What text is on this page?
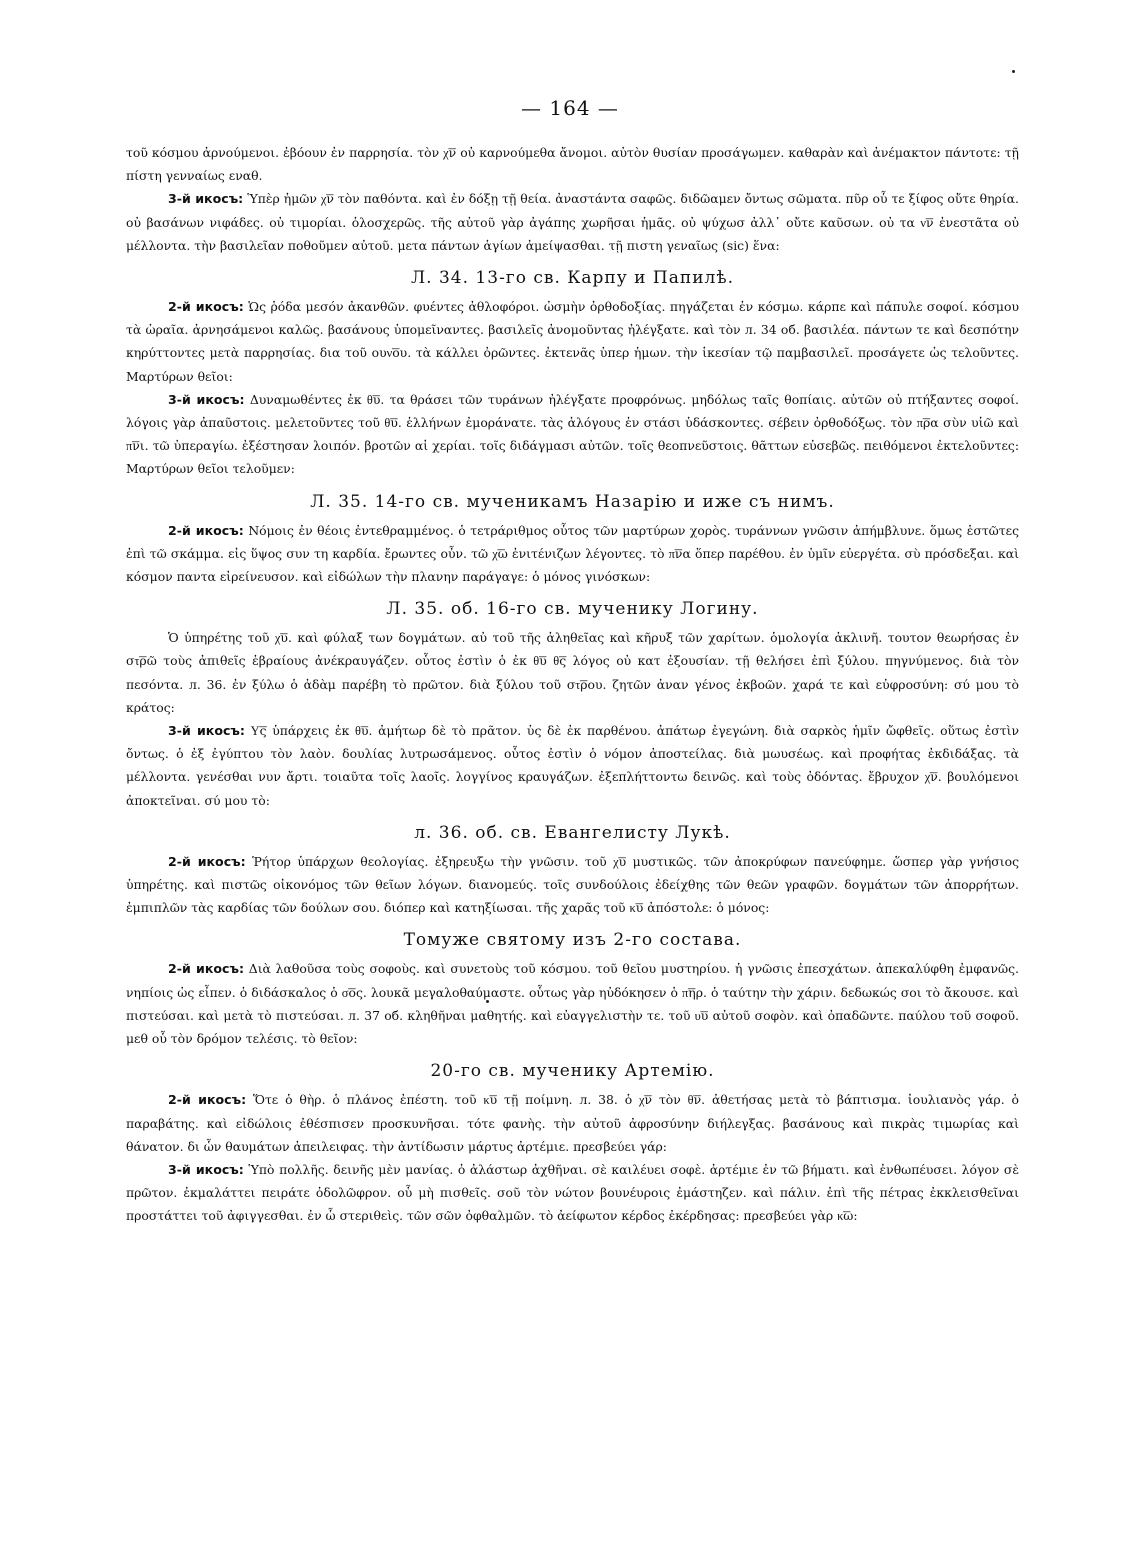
— 164 —

τοῦ κόσμου ἀρνούμενοι. ἐβόουν ἐν παρρησία. τὸν χ͞ν οὐ καρνούμεθα ἄνομοι. αὐτὸν θυσίαν προσάγωμεν. καθαρὰν καὶ ἀνέμακτον πάντοτε: τῇ πίστη γενναίως εναθ.

3-й икосъ: Ὑπὲρ ἡμῶν χ͞ν τὸν παθόντα. καὶ ἐν δόξῃ τῇ θεία. ἀναστάντα σαφῶς. διδῶαμεν ὄντως σῶματα. πῦρ οὗ τε ξίφος οὔτε θηρία. οὐ βασάνων νιφάδες. οὐ τιμορίαι. ὁλοσχερῶς. τῆς αὐτοῦ γὰρ ἀγάπης χωρῆσαι ἡμᾶς. οὐ ψύχωσ ἀλλ᾽ οὔτε καῦσων. οὐ τα ν͞ν ἐνεστᾶτα οὐ μέλλοντα. τὴν βασιλεῖαν ποθοῦμεν αὐτοῦ. μετα πάντων ἁγίων ἀμείψασθαι. τῇ πιστη γεναῖως (sic) ἕνα:

Л. 34. 13-го св. Карпу и Папилѣ.

2-й икосъ: Ὡς ῥόδα μεσόν ἀκανθῶν. φυέντες ἀθλοφόροι. ὠσμὴν ὀρθοδοξίας. πηγάζεται ἐν κόσμω. κάρπε καὶ πάπυλε σοφοί. κόσμου τὰ ὡραῖα. ἀρνησάμενοι καλῶς. βασάνους ὑπομεῖναντες. βασιλεῖς ἀνομοῦντας ἠλέγξατε. καὶ τὸν л. 34 об. βασιλέα. πάντων τε καὶ δεσπότην κηρύττοντες μετὰ παρρησίας. δια τοῦ ουν͞ου. τὰ κάλλει ὀρῶντες. ἐκτενᾶς ὑπερ ἡμων. τὴν ἱκεσίαν τῷ παμβασιλεῖ. προσάγετε ὡς τελοῦντες. Μαρτύρων θεῖοι:

3-й икосъ: Δυναμωθέντες ἐκ θ͞υ. τα θράσει τῶν τυράνων ἠλέγξατε προφρόνως. μηδόλως ταῖς θοπίαις. αὐτῶν οὐ πτήξαντες σοφοί. λόγοις γὰρ ἀπαῦστοις. μελετοῦντες τοῦ θ͞υ. ἑλλήνων ἐμοράνατε. τὰς ἀλόγους ἐν στάσι ὑδάσκοντες. σέβειν ὀρθοδόξως. τὸν π͞ρα σὺν υἱῶ καὶ π͞νι. τῶ ὑπεραγίω. ἐξέστησαν λοιπόν. βροτῶν αἱ χερίαι. τοῖς διδάγμασι αὐτῶν. τοῖς θεοπνεῦστοις. θᾶττων εὐσεβῶς. πειθόμενοι ἐκτελοῦντες: Μαρτύρων θεῖοι τελοῦμεν:

Л. 35. 14-го св. мученикамъ Назарію и иже съ нимъ.

2-й икосъ: Νόμοις ἐν θέοις ἐντεθραμμένος. ὁ τετράριθμος οὗτος τῶν μαρτύρων χορὸς. τυράννων γνῶσιν ἀπήμβλυνε. ὅμως ἑστῶτες ἐπὶ τῶ σκάμμα. εἰς ὕψος συν τη καρδία. ἔρωντες οὖν. τῶ χ͞ω ἐνιτένιζων λέγοντες. τὸ π͞να ὅπερ παρέθου. ἐν ὑμῖν εὐεργέτα. σὺ πρόσδεξαι. καὶ κόσμον παντα εἰρείνευσον. καὶ εἰδώλων τὴν πλανην παράγαγε: ὁ μόνος γινόσκων:

Л. 35. об. 16-го св. мученику Логину.

Ὁ ὑπηρέτης τοῦ χ͞υ. καὶ φύλαξ των δογμάτων. αὐ τοῦ τῆς ἀληθεῖας καὶ κῆρυξ τῶν χαρίτων. ὁμολογία ἀκλινῆ. τουτον θεωρήσας ἐν στ͞ρῶ τοὺς ἀπιθεῖς ἑβραίους ἀνέκραυγάζεν. οὗτος ἐστὶν ὁ ἐκ θ͞υ θ͞ς λόγος οὐ κατ ἐξουσίαν. τῇ θελήσει ἐπὶ ξύλου. πηγνύμενος. διὰ τὸν πεσόντα. л. 36. ἐν ξύλω ὁ ἀδὰμ παρέβη τὸ πρῶτον. διὰ ξύλου τοῦ στ͞ρου. ζητῶν ἀναν γένος ἐκβοῶν. χαρά τε καὶ εὐφροσύνη: σύ μου τὸ κράτος:

3-й икосъ: Υ͞ς ὑπάρχεις ἐκ θ͞υ. ἀμήτωρ δὲ τὸ πρᾶτον. ὑς δὲ ἐκ παρθένου. ἀπάτωρ ἐγεγώνη. διὰ σαρκὸς ἡμῖν ὤφθεῖς. οὕτως ἐστὶν ὄντως. ὁ ἐξ ἐγύπτου τὸν λαὸν. δουλίας λυτρωσάμενος. οὗτος ἐστὶν ὁ νόμον ἀποστείλας. διὰ μωυσέως. καὶ προφήτας ἐκδιδάξας. τὰ μέλλοντα. γενέσθαι νυν ἄρτι. τοιαῦτα τοῖς λαοῖς. λογγίνος κραυγάζων. ἐξεπλήττοντω δεινῶς. καὶ τοὺς ὀδόντας. ἔβρυχον χ͞ν. βουλόμενοι ἀποκτεῖναι. σύ μου τὸ:

л. 36. об. св. Евангелисту Лукѣ.

2-й икосъ: Ῥήτορ ὑπάρχων θεολογίας. ἐξηρευξω τὴν γνῶσιν. τοῦ χ͞υ μυστικῶς. τῶν ἀποκρύφων πανεύφημε. ὥσπερ γὰρ γνήσιος ὑπηρέτης. καὶ πιστῶς οἰκονόμος τῶν θεῖων λόγων. διανομεύς. τοῖς συνδούλοις ἐδείχθης τῶν θεῶν γραφῶν. δογμάτων τῶν ἀπορρήτων. ἐμπιπλῶν τὰς καρδίας τῶν δούλων σου. διόπερ καὶ κατηξίωσαι. τῆς χαρᾶς τοῦ κ͞υ ἀπόστολε: ὁ μόνος:

Томуже святому изъ 2-го состава.

2-й икосъ: Διὰ λαθοῦσα τοὺς σοφοὺς. καὶ συνετοὺς τοῦ κόσμου. τοῦ θεῖου μυστηρίου. ἡ γνῶσις ἐπεσχάτων. ἀπεκαλύφθη ἐμφανῶς. νηπίοις ὡς εἶπεν. ὁ διδάσκαλος ὁ σ͞ος. λουκᾶ μεγαλοθαύμαστε. οὗτως γὰρ ηὐδόκησεν ὁ π͞ηρ. ὁ ταύτην τὴν χάριν. δεδωκώς σοι τὸ ἄκουσε. καὶ πιστεύσαι. καὶ μετὰ τὸ πιστεύσαι. л. 37 об. κληθῆναι μαθητής. καὶ εὐαγγελιστὴν τε. τοῦ υ͞υ αὐτοῦ σοφὸν. καὶ ὀπαδῶντε. παύλου τοῦ σοφοῦ. μεθ οὗ τὸν δρόμον τελέσις. τὸ θεῖον:

20-го св. мученику Артемію.

2-й икосъ: Ὅτε ὁ θὴρ. ὁ πλάνος ἐπέστη. τοῦ κ͞υ τῇ ποίμνη. л. 38. ὁ χ͞ν τὸν θ͞ν. ἀθετήσας μετὰ τὸ βάπτισμα. ἰουλιανὸς γάρ. ὁ παραβάτης. καὶ εἰδώλοις ἐθέσπισεν προσκυνῆσαι. τότε φανὴς. τὴν αὐτοῦ ἀφροσύνην διήλεγξας. βασάνους καὶ πικρὰς τιμωρίας καὶ θάνατον. δι ὧν θαυμάτων ἀπειλειφας. τὴν ἀντίδωσιν μάρτυς ἀρτέμιε. πρεσβεύει γάρ:

3-й икосъ: Ὑπὸ πολλῆς. δεινῆς μὲν μανίας. ὁ ἀλάστωρ ἀχθῆναι. σὲ καιλέυει σοφὲ. ἀρτέμιε ἐν τῶ βήματι. καὶ ἐνθωπέυσει. λόγον σὲ πρῶτον. ἐκμαλάττει πειράτε ὀδολῶφρον. οὗ μὴ πισθεῖς. σοῦ τὸν νώτον βουνέυροις ἐμάστηζεν. καὶ πάλιν. ἐπὶ τῆς πέτρας ἐκκλεισθεῖναι προστάττει τοῦ ἀφιγγεσθαι. ἐν ὧ στεριθεὶς. τῶν σῶν ὀφθαλμῶν. τὸ ἀείφωτον κέρδος ἐκέρδησας: πρεσβεύει γὰρ κ͞ω:
